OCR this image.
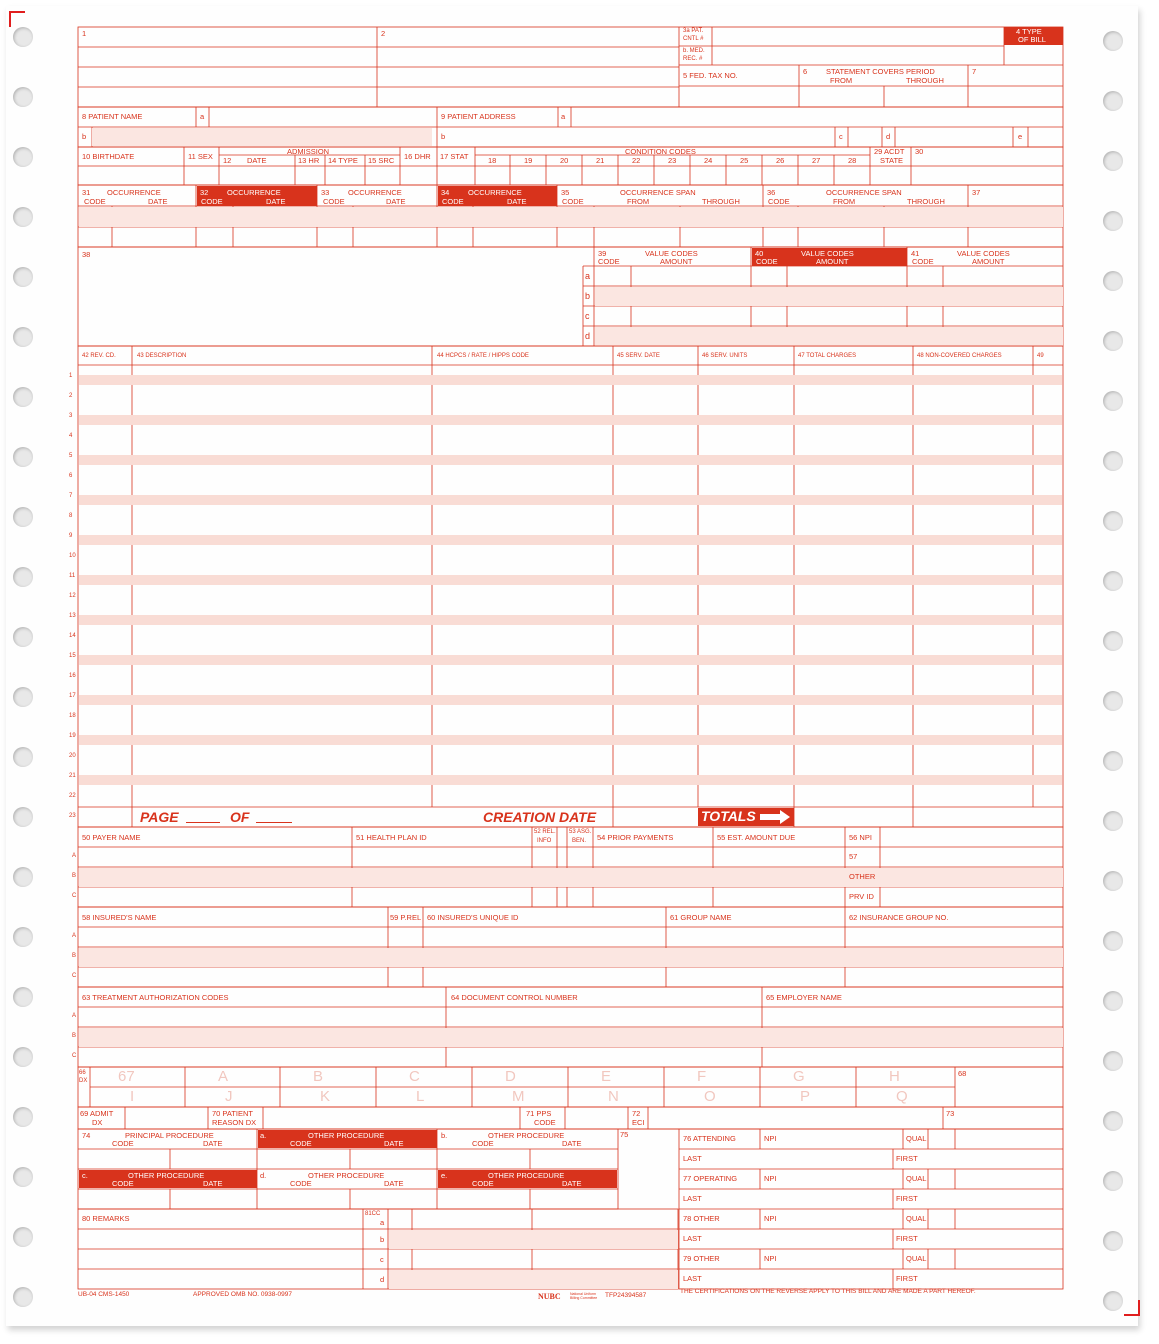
1	2	3a PAT.
CNTL #
b. MED.
REC. #
4 TYPE
OF BILL
5 FED. TAX NO.	6	STATEMENT COVERS PERIOD
FROM	THROUGH
7
8 PATIENT NAME	a
b
9 PATIENT ADDRESS	a
b	c	d	e
10 BIRTHDATE	11 SEX
ADMISSION
12 DATE	13 HR 14 TYPE 15 SRC 16 DHR 17 STAT
CONDITION CODES
18	19	20	21	22	23	24	25	26	27	28
29 ACDT
STATE
30
31 OCCURRENCE
CODE	DATE
32 OCCURRENCE
CODE	DATE
33 OCCURRENCE
CODE	DATE
34 OCCURRENCE
CODE	DATE
35	OCCURRENCE SPAN
CODE	FROM	THROUGH
36	OCCURRENCE SPAN
CODE	FROM	THROUGH
37
38	39	VALUE CODES
CODE	AMOUNT
40	VALUE CODES
CODE	AMOUNT
41	VALUE CODES
CODE	AMOUNT
a
b
c
d
42 REV. CD.	43 DESCRIPTION	44 HCPCS / RATE / HIPPS CODE	45 SERV. DATE	46 SERV. UNITS	47 TOTAL CHARGES	48 NON-COVERED CHARGES	49
1
2
3
4
5
6
7
8
9
10
11
12
13
14
15
16
17
18
19
20
21
22
23	PAGE	OF	CREATION DATE	TOTALS
50 PAYER NAME	51 HEALTH PLAN ID
52 REL.
INFO
53 ASG.
BEN. 54 PRIOR PAYMENTS	55 EST. AMOUNT DUE	56 NPI
57
OTHER
PRV ID
A
B
C
58 INSURED'S NAME	59 P.REL 60 INSURED'S UNIQUE ID	61 GROUP NAME	62 INSURANCE GROUP NO.
A
B
C
63 TREATMENT AUTHORIZATION CODES	64 DOCUMENT CONTROL NUMBER	65 EMPLOYER NAME
A
B
C
66
DX 67	A	B	C	D	E	F	G	H
I	J	K	L	M	N	O	P	Q
68
69 ADMIT
DX
70 PATIENT
REASON DX
71 PPS
CODE
72
ECI
73
74	PRINCIPAL PROCEDURE
CODE	DATE
a.	OTHER PROCEDURE
CODE	DATE
b.	OTHER PROCEDURE
CODE	DATE
c.	OTHER PROCEDURE
CODE	DATE
d.	OTHER PROCEDURE
CODE	DATE
e.	OTHER PROCEDURE
CODE	DATE
75	76 ATTENDING	NPI	QUAL
LAST	FIRST
77 OPERATING	NPI	QUAL
LAST	FIRST
78 OTHER	NPI	QUAL
LAST	FIRST
79 OTHER	NPI	QUAL
LAST	FIRST
80 REMARKS	81CC
a
b
c
d
UB-04 CMS-1450	APPROVED OMB NO. 0938-0997	NUBC	National Uniform Billing Committee	TFP24394587
THE CERTIFICATIONS ON THE REVERSE APPLY TO THIS BILL AND ARE MADE A PART HEREOF.
